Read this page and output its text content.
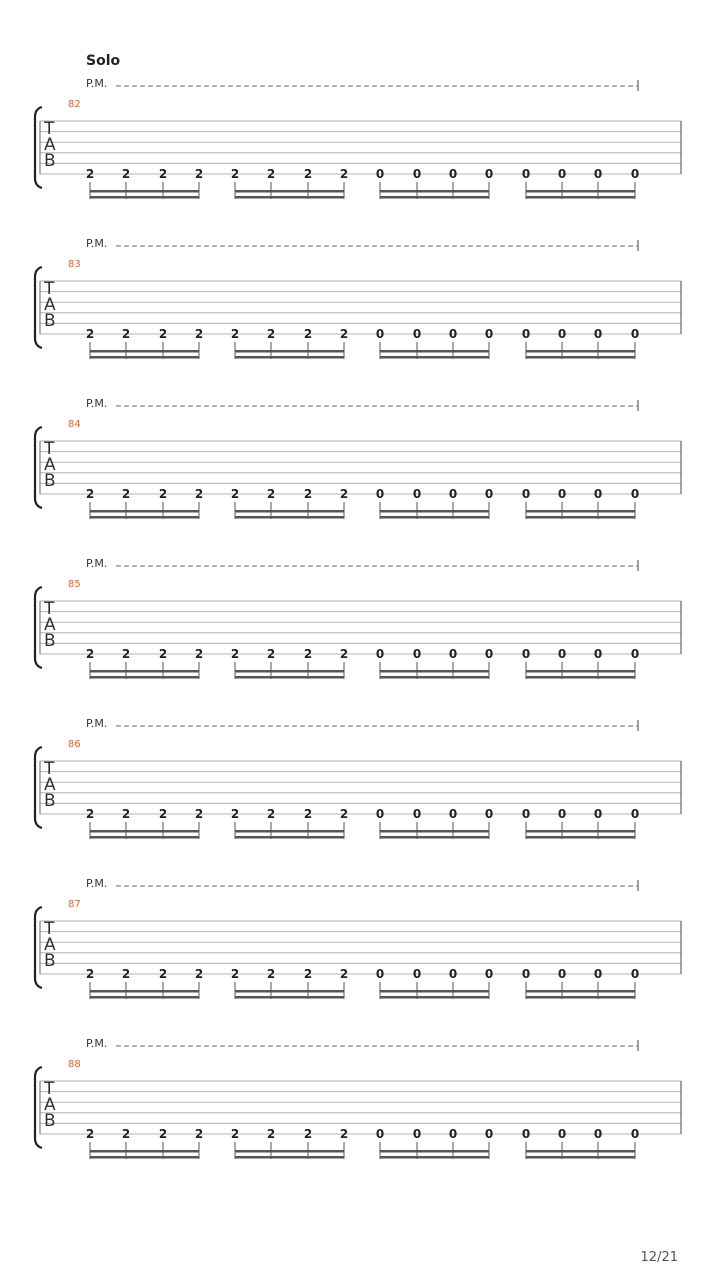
Solo
P.M.
82
T
A
B
2 2 2 2 2 2 2 2 0 0 0 0 0 0 0 0
P.M.
83
T
A
B
2 2 2 2 2 2 2 2 0 0 0 0 0 0 0 0
P.M.
84
T
A
B
2 2 2 2 2 2 2 2 0 0 0 0 0 0 0 0
P.M.
85
T
A
B
2 2 2 2 2 2 2 2 0 0 0 0 0 0 0 0
P.M.
86
T
A
B
2 2 2 2 2 2 2 2 0 0 0 0 0 0 0 0
P.M.
87
T
A
B
2 2 2 2 2 2 2 2 0 0 0 0 0 0 0 0
P.M.
88
T
A
B
2 2 2 2 2 2 2 2 0 0 0 0 0 0 0 0
12/21
